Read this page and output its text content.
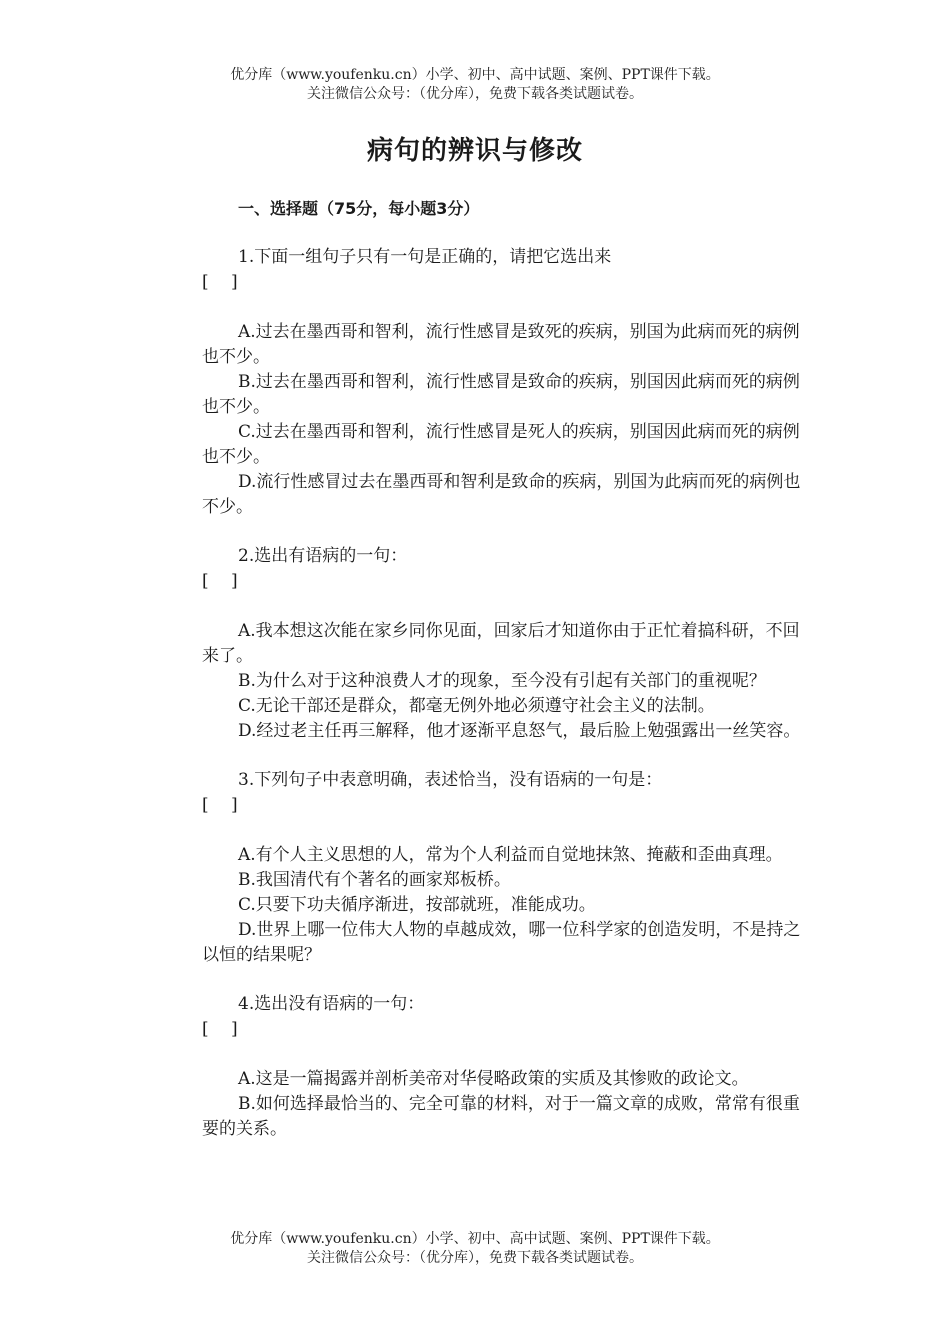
优分库（www.youfenku.cn）小学、初中、高中试题、案例、PPT课件下载。
关注微信公众号：（优分库），免费下载各类试题试卷。
病句的辨识与修改
一、选择题（75分，每小题3分）
1.下面一组句子只有一句是正确的，请把它选出来
[　 ]
A.过去在墨西哥和智利，流行性感冒是致死的疾病，别国为此病而死的病例也不少。
B.过去在墨西哥和智利，流行性感冒是致命的疾病，别国因此病而死的病例也不少。
C.过去在墨西哥和智利，流行性感冒是死人的疾病，别国因此病而死的病例也不少。
D.流行性感冒过去在墨西哥和智利是致命的疾病，别国为此病而死的病例也不少。
2.选出有语病的一句：
[　 ]
A.我本想这次能在家乡同你见面，回家后才知道你由于正忙着搞科研，不回来了。
B.为什么对于这种浪费人才的现象，至今没有引起有关部门的重视呢？
C.无论干部还是群众，都毫无例外地必须遵守社会主义的法制。
D.经过老主任再三解释，他才逐渐平息怒气，最后脸上勉强露出一丝笑容。
3.下列句子中表意明确，表述恰当，没有语病的一句是：
[　 ]
A.有个人主义思想的人，常为个人利益而自觉地抹煞、掩蔽和歪曲真理。
B.我国清代有个著名的画家郑板桥。
C.只要下功夫循序渐进，按部就班，准能成功。
D.世界上哪一位伟大人物的卓越成效，哪一位科学家的创造发明，不是持之以恒的结果呢？
4.选出没有语病的一句：
[　 ]
A.这是一篇揭露并剖析美帝对华侵略政策的实质及其惨败的政论文。
B.如何选择最恰当的、完全可靠的材料，对于一篇文章的成败，常常有很重要的关系。
优分库（www.youfenku.cn）小学、初中、高中试题、案例、PPT课件下载。
关注微信公众号：（优分库），免费下载各类试题试卷。
